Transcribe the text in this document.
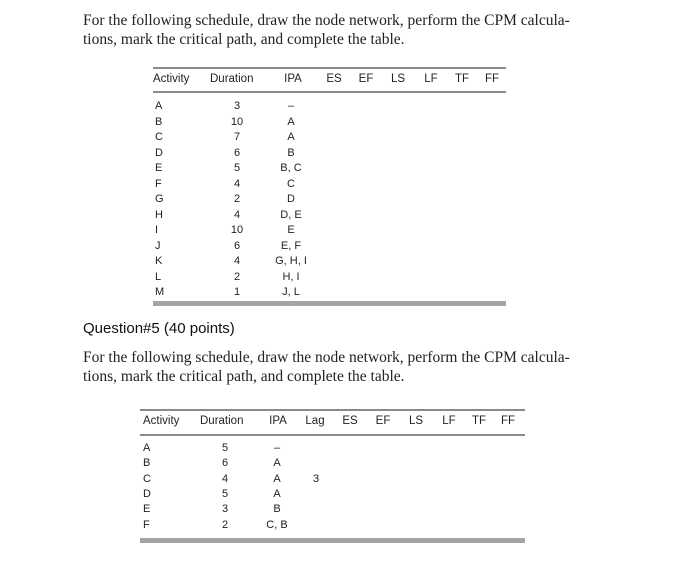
For the following schedule, draw the node network, perform the CPM calcula-
tions, mark the critical path, and complete the table.
Activity Duration	IPA ES EF LS LF TF FF
A	3	–
B	10	A
C	7	A
D	6	B
E	5	B, C
F	4	C
G	2	D
H	4	D, E
I	10	E
J	6	E, F
K	4	G, H, I
L	2	H, I
M	1	J, L
Question#5 (40 points)
For the following schedule, draw the node network, perform the CPM calcula-
tions, mark the critical path, and complete the table.
Activity Duration IPA Lag ES EF LS LF TF FF
A	5	–
B	6	A
C	4	A	3
D	5	A
E	3	B
F	2	C, B
